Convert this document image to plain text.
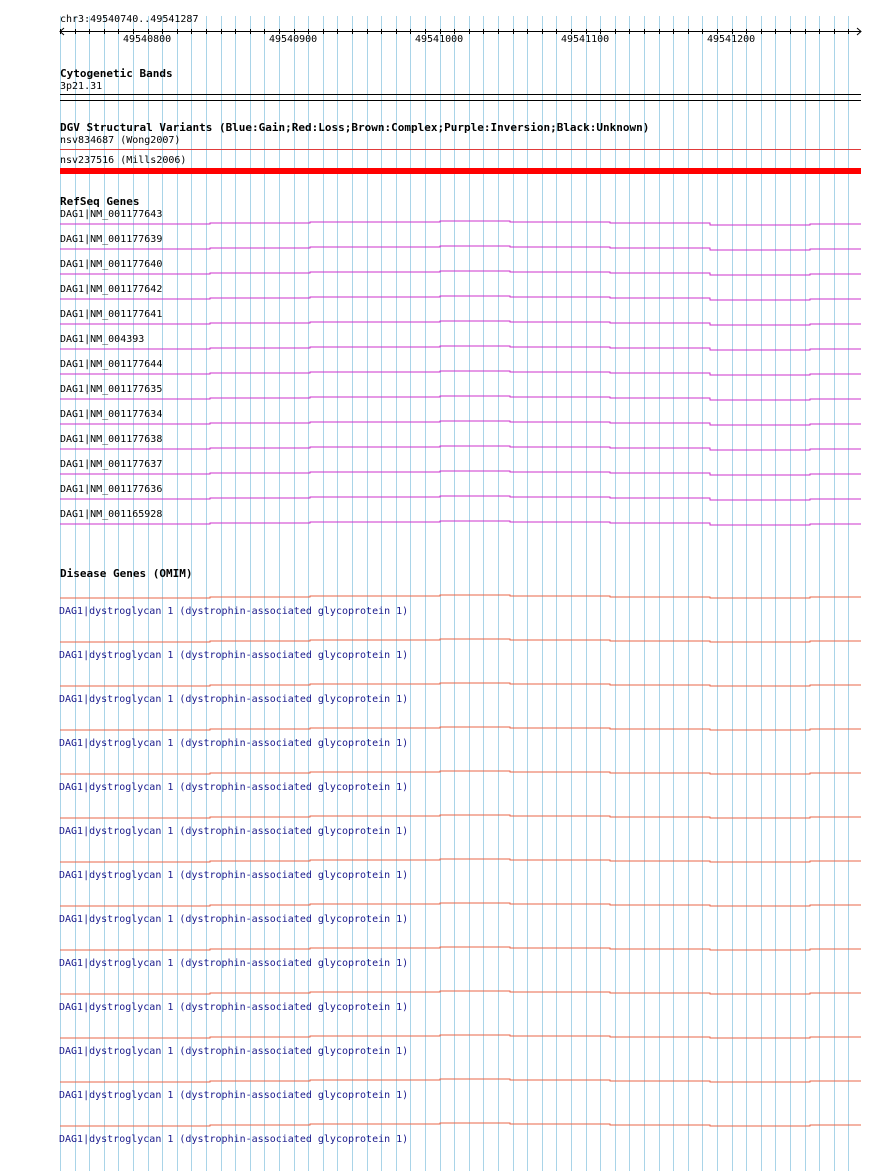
chr3:49540740..49541287
49540800	49540900	49541000	49541100	49541200
Cytogenetic Bands
3p21.31
DGV Structural Variants (Blue:Gain;Red:Loss;Brown:Complex;Purple:Inversion;Black:Unknown)
nsv834687 (Wong2007)
nsv237516 (Mills2006)
RefSeq Genes
DAG1|NM_001177643
DAG1|NM_001177639
DAG1|NM_001177640
DAG1|NM_001177642
DAG1|NM_001177641
DAG1|NM_004393
DAG1|NM_001177644
DAG1|NM_001177635
DAG1|NM_001177634
DAG1|NM_001177638
DAG1|NM_001177637
DAG1|NM_001177636
DAG1|NM_001165928
Disease Genes (OMIM)
DAG1|dystroglycan 1 (dystrophin-associated glycoprotein 1)
DAG1|dystroglycan 1 (dystrophin-associated glycoprotein 1)
DAG1|dystroglycan 1 (dystrophin-associated glycoprotein 1)
DAG1|dystroglycan 1 (dystrophin-associated glycoprotein 1)
DAG1|dystroglycan 1 (dystrophin-associated glycoprotein 1)
DAG1|dystroglycan 1 (dystrophin-associated glycoprotein 1)
DAG1|dystroglycan 1 (dystrophin-associated glycoprotein 1)
DAG1|dystroglycan 1 (dystrophin-associated glycoprotein 1)
DAG1|dystroglycan 1 (dystrophin-associated glycoprotein 1)
DAG1|dystroglycan 1 (dystrophin-associated glycoprotein 1)
DAG1|dystroglycan 1 (dystrophin-associated glycoprotein 1)
DAG1|dystroglycan 1 (dystrophin-associated glycoprotein 1)
DAG1|dystroglycan 1 (dystrophin-associated glycoprotein 1)
